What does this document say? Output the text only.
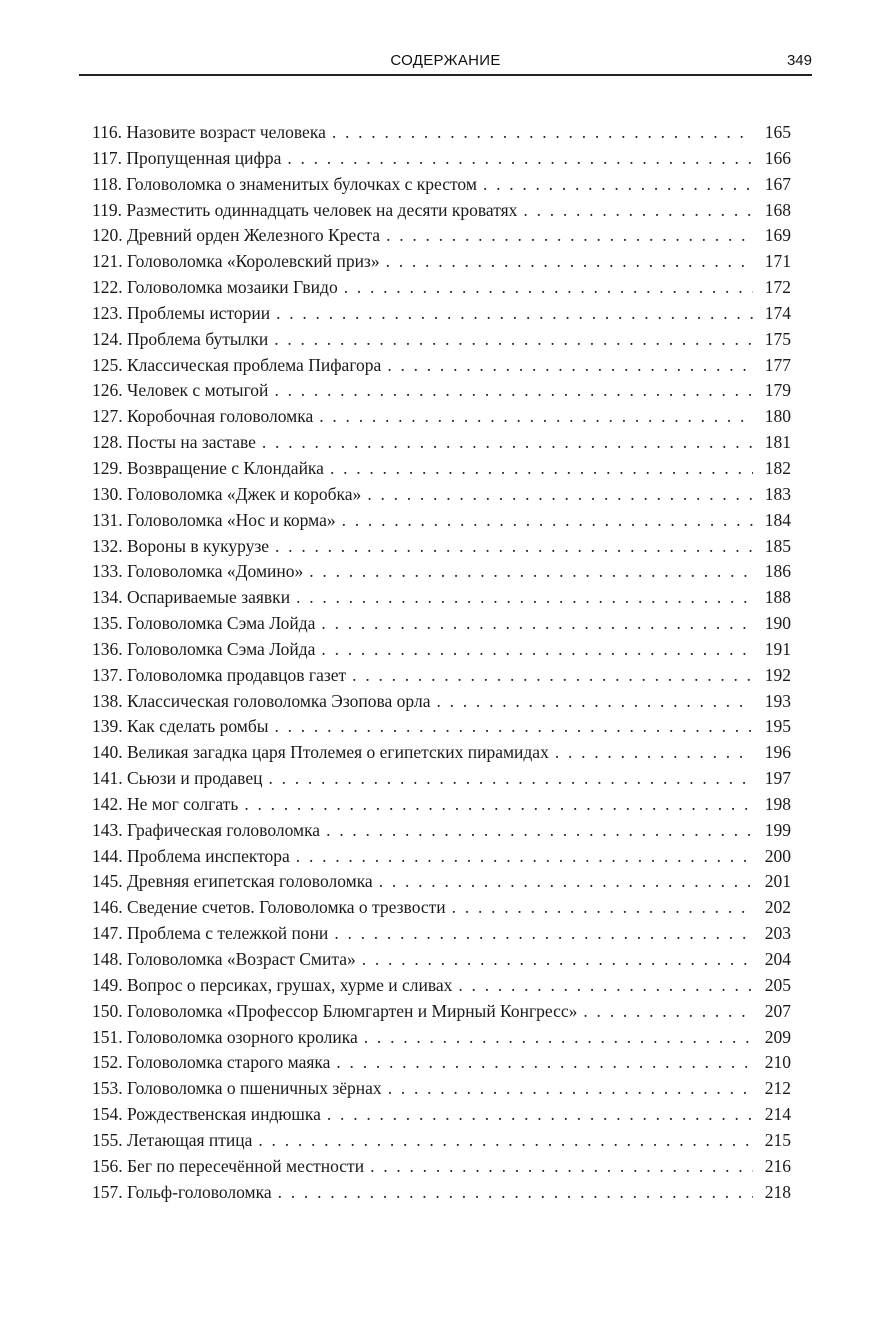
СОДЕРЖАНИЕ	349
116. Назовите возраст человека . . .	165
117. Пропущенная цифра . . .	166
118. Головоломка о знаменитых булочках с крестом . . .	167
119. Разместить одиннадцать человек на десяти кроватях . . .	168
120. Древний орден Железного Креста . . .	169
121. Головоломка «Королевский приз» . . .	171
122. Головоломка мозаики Гвидо . . .	172
123. Проблемы истории . . .	174
124. Проблема бутылки . . .	175
125. Классическая проблема Пифагора . . .	177
126. Человек с мотыгой . . .	179
127. Коробочная головоломка . . .	180
128. Посты на заставе . . .	181
129. Возвращение с Клондайка . . .	182
130. Головоломка «Джек и коробка» . . .	183
131. Головоломка «Нос и корма» . . .	184
132. Вороны в кукурузе . . .	185
133. Головоломка «Домино» . . .	186
134. Оспариваемые заявки . . .	188
135. Головоломка Сэма Лойда . . .	190
136. Головоломка Сэма Лойда . . .	191
137. Головоломка продавцов газет . . .	192
138. Классическая головоломка Эзопова орла . . .	193
139. Как сделать ромбы . . .	195
140. Великая загадка царя Птолемея о египетских пирамидах . . .	196
141. Сьюзи и продавец . . .	197
142. Не мог солгать . . .	198
143. Графическая головоломка . . .	199
144. Проблема инспектора . . .	200
145. Древняя египетская головоломка . . .	201
146. Сведение счетов. Головоломка о трезвости . . .	202
147. Проблема с тележкой пони . . .	203
148. Головоломка «Возраст Смита» . . .	204
149. Вопрос о персиках, грушах, хурме и сливах . . .	205
150. Головоломка «Профессор Блюмгартен и Мирный Конгресс» . . .	207
151. Головоломка озорного кролика . . .	209
152. Головоломка старого маяка . . .	210
153. Головоломка о пшеничных зёрнах . . .	212
154. Рождественская индюшка . . .	214
155. Летающая птица . . .	215
156. Бег по пересечённой местности . . .	216
157. Гольф-головоломка . . .	218
